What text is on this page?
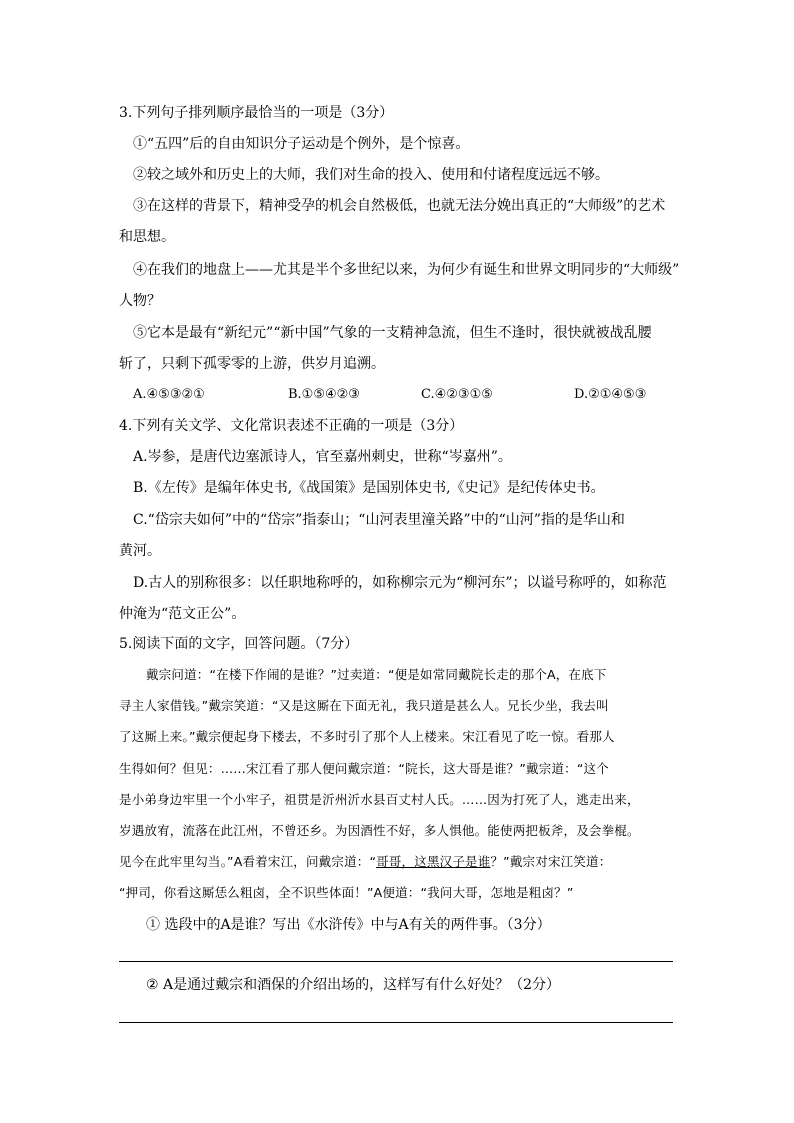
3.下列句子排列顺序最恰当的一项是（3分）
①“五四”后的自由知识分子运动是个例外，是个惊喜。
②较之域外和历史上的大师，我们对生命的投入、使用和付诸程度远远不够。
③在这样的背景下，精神受孕的机会自然极低，也就无法分娩出真正的“大师级”的艺术
和思想。
④在我们的地盘上——尤其是半个多世纪以来，为何少有诞生和世界文明同步的“大师级”
人物？
⑤它本是最有“新纪元”“新中国”气象的一支精神急流，但生不逢时，很快就被战乱腰
斩了，只剩下孤零零的上游，供岁月追溯。
A.④⑤③②①	B.①⑤④②③	C.④②③①⑤	D.②①④⑤③
4.下列有关文学、文化常识表述不正确的一项是（3分）
A.岑参，是唐代边塞派诗人，官至嘉州刺史，世称“岑嘉州”。
B.《左传》是编年体史书,《战国策》是国别体史书,《史记》是纪传体史书。
C.“岱宗夫如何”中的“岱宗”指泰山；“山河表里潼关路”中的“山河”指的是华山和
黄河。
D.古人的别称很多：以任职地称呼的，如称柳宗元为“柳河东”；以谥号称呼的，如称范
仲淹为“范文正公”。
5.阅读下面的文字，回答问题。（7分）
戴宗问道：“在楼下作闹的是谁？”过卖道：“便是如常同戴院长走的那个A，在底下
寻主人家借钱。”戴宗笑道：“又是这厮在下面无礼，我只道是甚么人。兄长少坐，我去叫
了这厮上来。”戴宗便起身下楼去，不多时引了那个人上楼来。宋江看见了吃一惊。看那人
生得如何？但见：……宋江看了那人便问戴宗道：“院长，这大哥是谁？”戴宗道：“这个
是小弟身边牢里一个小牢子，祖贯是沂州沂水县百丈村人氏。……因为打死了人，逃走出来，
岁遇放宥，流落在此江州，不曾还乡。为因酒性不好，多人惧他。能使两把板斧，及会拳棍。
见今在此牢里勾当。”A看着宋江，问戴宗道：“哥哥，这黑汉子是谁？”戴宗对宋江笑道：
“押司，你看这厮恁么粗卤，全不识些体面！”A便道：“我问大哥，怎地是粗卤？”
① 选段中的A是谁？写出《水浒传》中与A有关的两件事。（3分）
② A是通过戴宗和酒保的介绍出场的，这样写有什么好处？（2分）
